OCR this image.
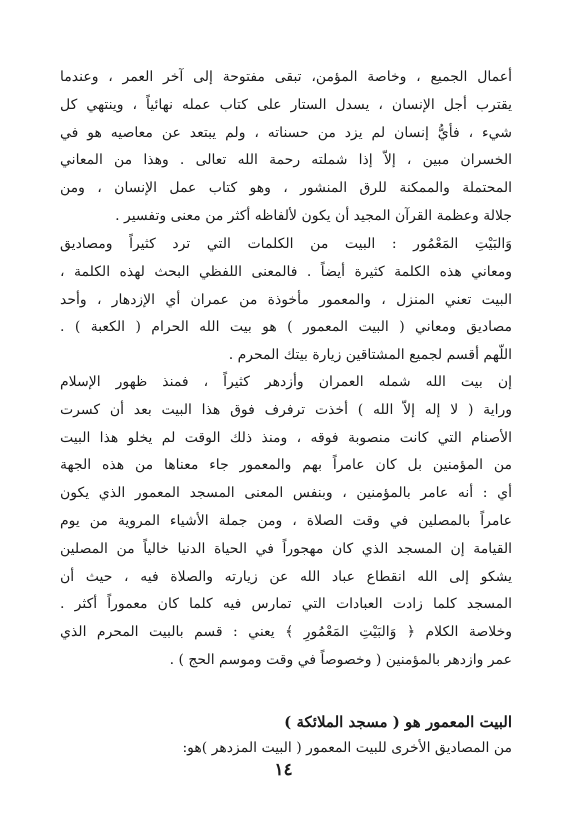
أعمال الجميع ، وخاصة المؤمن، تبقى مفتوحة إلى آخر العمر ، وعندما
يقترب أجل الإنسان ، يسدل الستار على كتاب عمله نهائياً ، وينتهي كل
شيء ، فأيُّ إنسان لم يزد من حسناته ، ولم يبتعد عن معاصيه هو في
الخسران مبين ، إلاّ إذا شملته رحمة الله تعالى . وهذا من المعاني
المحتملة والممكنة للرق المنشور ، وهو كتاب عمل الإنسان ، ومن
جلالة وعظمة القرآن المجيد أن يكون لألفاظه أكثر من معنى وتفسير .
وَالبَيْتِ المَعْمُور : البيت من الكلمات التي ترد كثيراً ومصاديق
ومعاني هذه الكلمة كثيرة أيضاً . فالمعنى اللفظي البحث لهذه الكلمة ،
البيت تعني المنزل ، والمعمور مأخوذة من عمران أي الإزدهار ، وأحد
مصاديق ومعاني ( البيت المعمور ) هو بيت الله الحرام ( الكعبة ) .
اللّهم أقسم لجميع المشتاقين زيارة بيتك المحرم .
إن بيت الله شمله العمران وأزدهر كثيراً ، فمنذ ظهور الإسلام
وراية ( لا إله إلاّ الله ) أخذت ترفرف فوق هذا البيت بعد أن كسرت
الأصنام التي كانت منصوبة فوقه ، ومنذ ذلك الوقت لم يخلو هذا البيت
من المؤمنين بل كان عامراً بهم والمعمور جاء معناها من هذه الجهة
أي : أنه عامر بالمؤمنين ، وبنفس المعنى المسجد المعمور الذي يكون
عامراً بالمصلين في وقت الصلاة ، ومن جملة الأشياء المروية من يوم
القيامة إن المسجد الذي كان مهجوراً في الحياة الدنيا خالياً من المصلين
يشكو إلى الله انقطاع عباد الله عن زيارته والصلاة فيه ، حيث أن
المسجد كلما زادت العبادات التي تمارس فيه كلما كان معموراً أكثر .
وخلاصة الكلام ﴿ وَالبَيْتِ المَعْمُورِ ﴾ يعني : قسم بالبيت المحرم الذي
عمر وازدهر بالمؤمنين ( وخصوصاً في وقت وموسم الحج ) .
البيت المعمور هو ( مسجد الملائكة )
من المصاديق الأخرى للبيت المعمور ( البيت المزدهر )هو:
١٤
